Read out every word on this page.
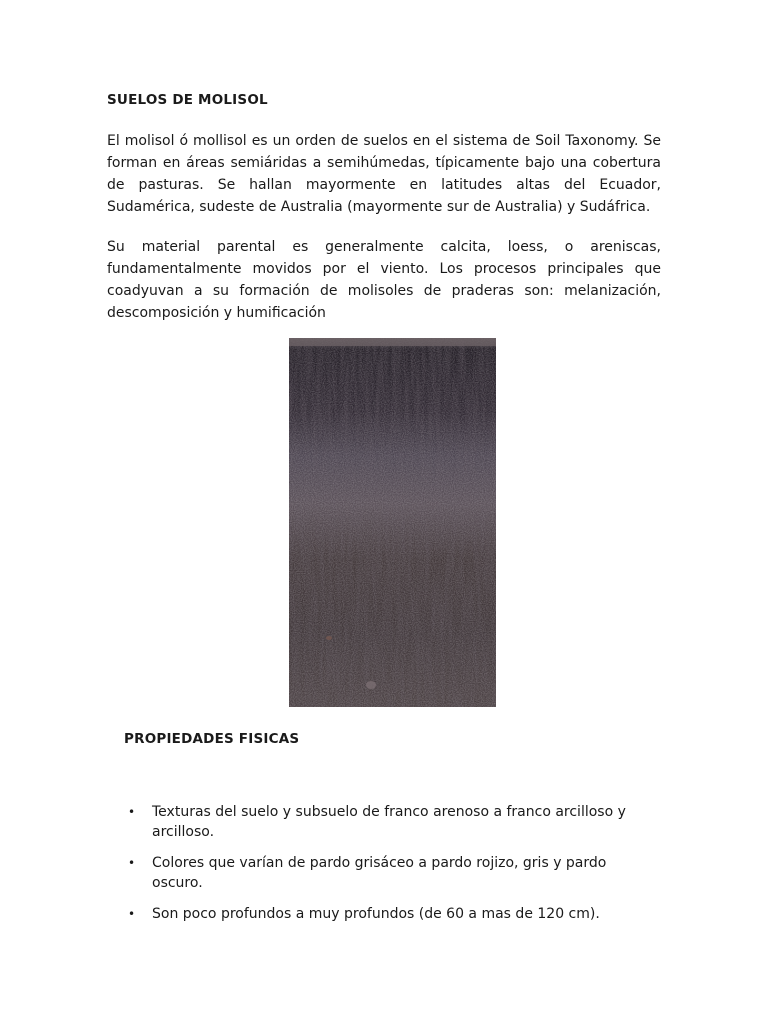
SUELOS DE MOLISOL

El molisol ó mollisol es un orden de suelos en el sistema de Soil Taxonomy. Se forman en áreas semiáridas a semihúmedas, típicamente bajo una cobertura de pasturas. Se hallan mayormente en latitudes altas del Ecuador, Sudamérica, sudeste de Australia (mayormente sur de Australia) y Sudáfrica.

Su material parental es generalmente calcita, loess, o areniscas, fundamentalmente movidos por el viento. Los procesos principales que coadyuvan a su formación de molisoles de praderas son: melanización, descomposición y humificación

PROPIEDADES FISICAS
• Texturas del suelo y subsuelo de franco arenoso a franco arcilloso y arcilloso.
• Colores que varían de pardo grisáceo a pardo rojizo, gris y pardo oscuro.
• Son poco profundos a muy profundos (de 60 a mas de 120 cm).
